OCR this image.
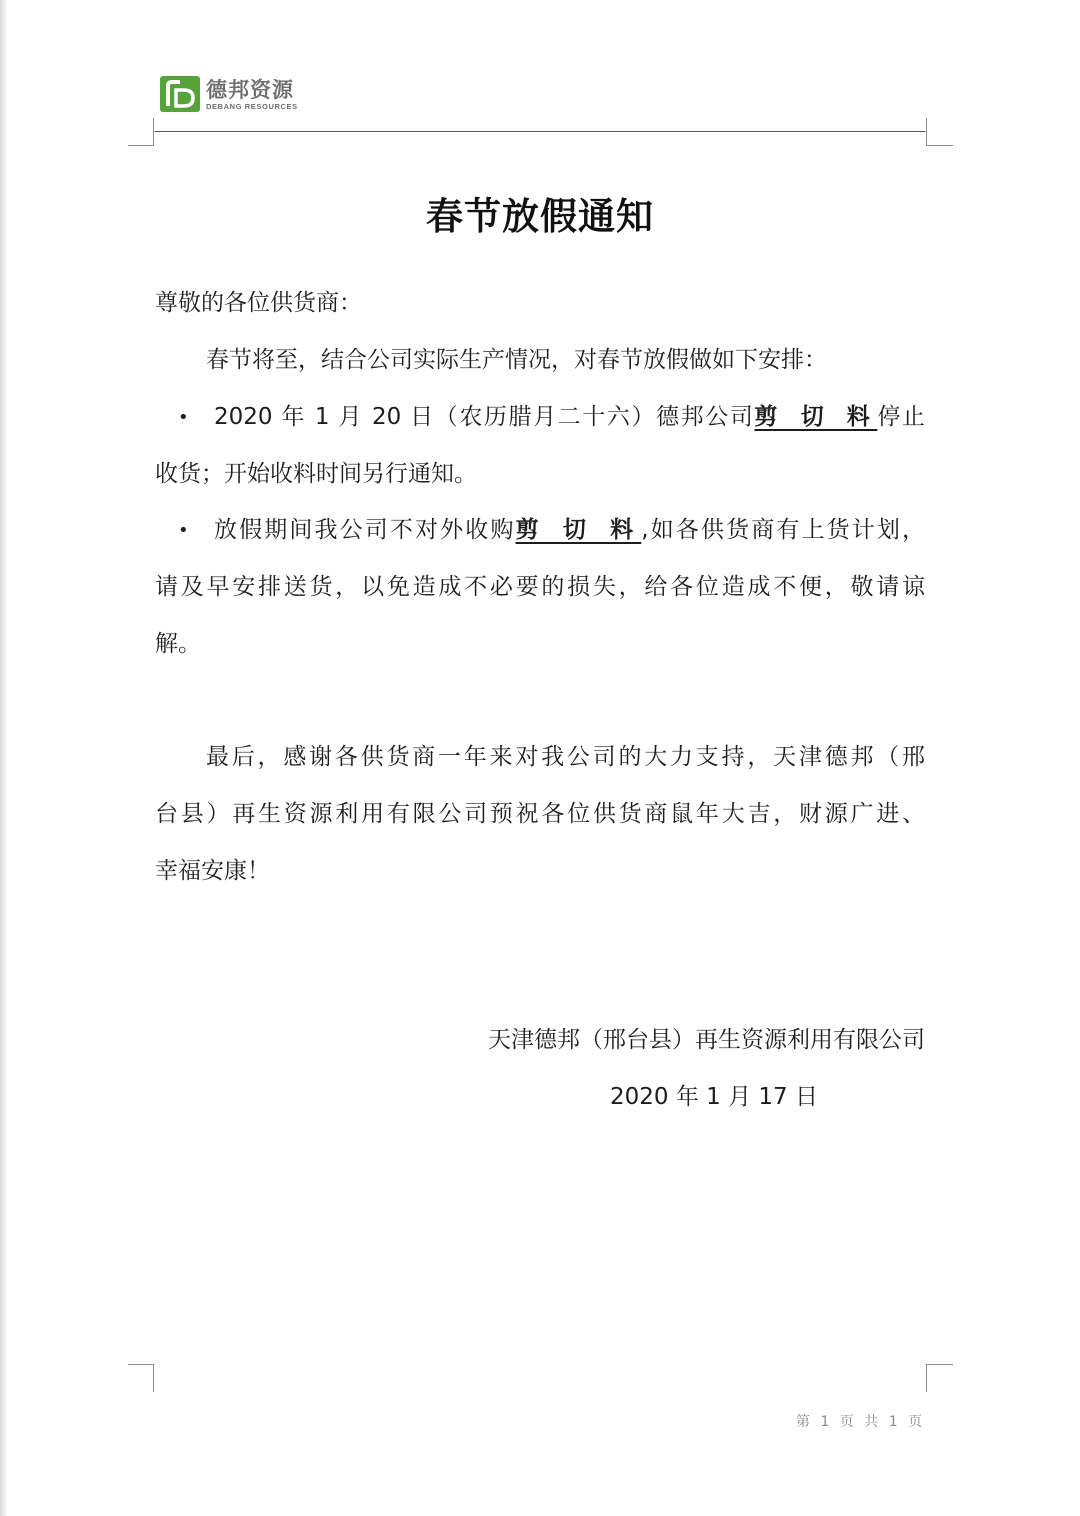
德邦资源
DEBANG RESOURCES
春节放假通知
尊敬的各位供货商：
春节将至，结合公司实际生产情况，对春节放假做如下安排：
• 2020 年 1 月 20 日（农历腊月二十六）德邦公司剪 切 料停止
收货；开始收料时间另行通知。
• 放假期间我公司不对外收购剪 切 料,如各供货商有上货计划，
请及早安排送货，以免造成不必要的损失，给各位造成不便，敬请谅
解。
最后，感谢各供货商一年来对我公司的大力支持，天津德邦（邢
台县）再生资源利用有限公司预祝各位供货商鼠年大吉，财源广进、
幸福安康！
天津德邦（邢台县）再生资源利用有限公司
2020 年 1 月 17 日
第 1 页 共 1 页
